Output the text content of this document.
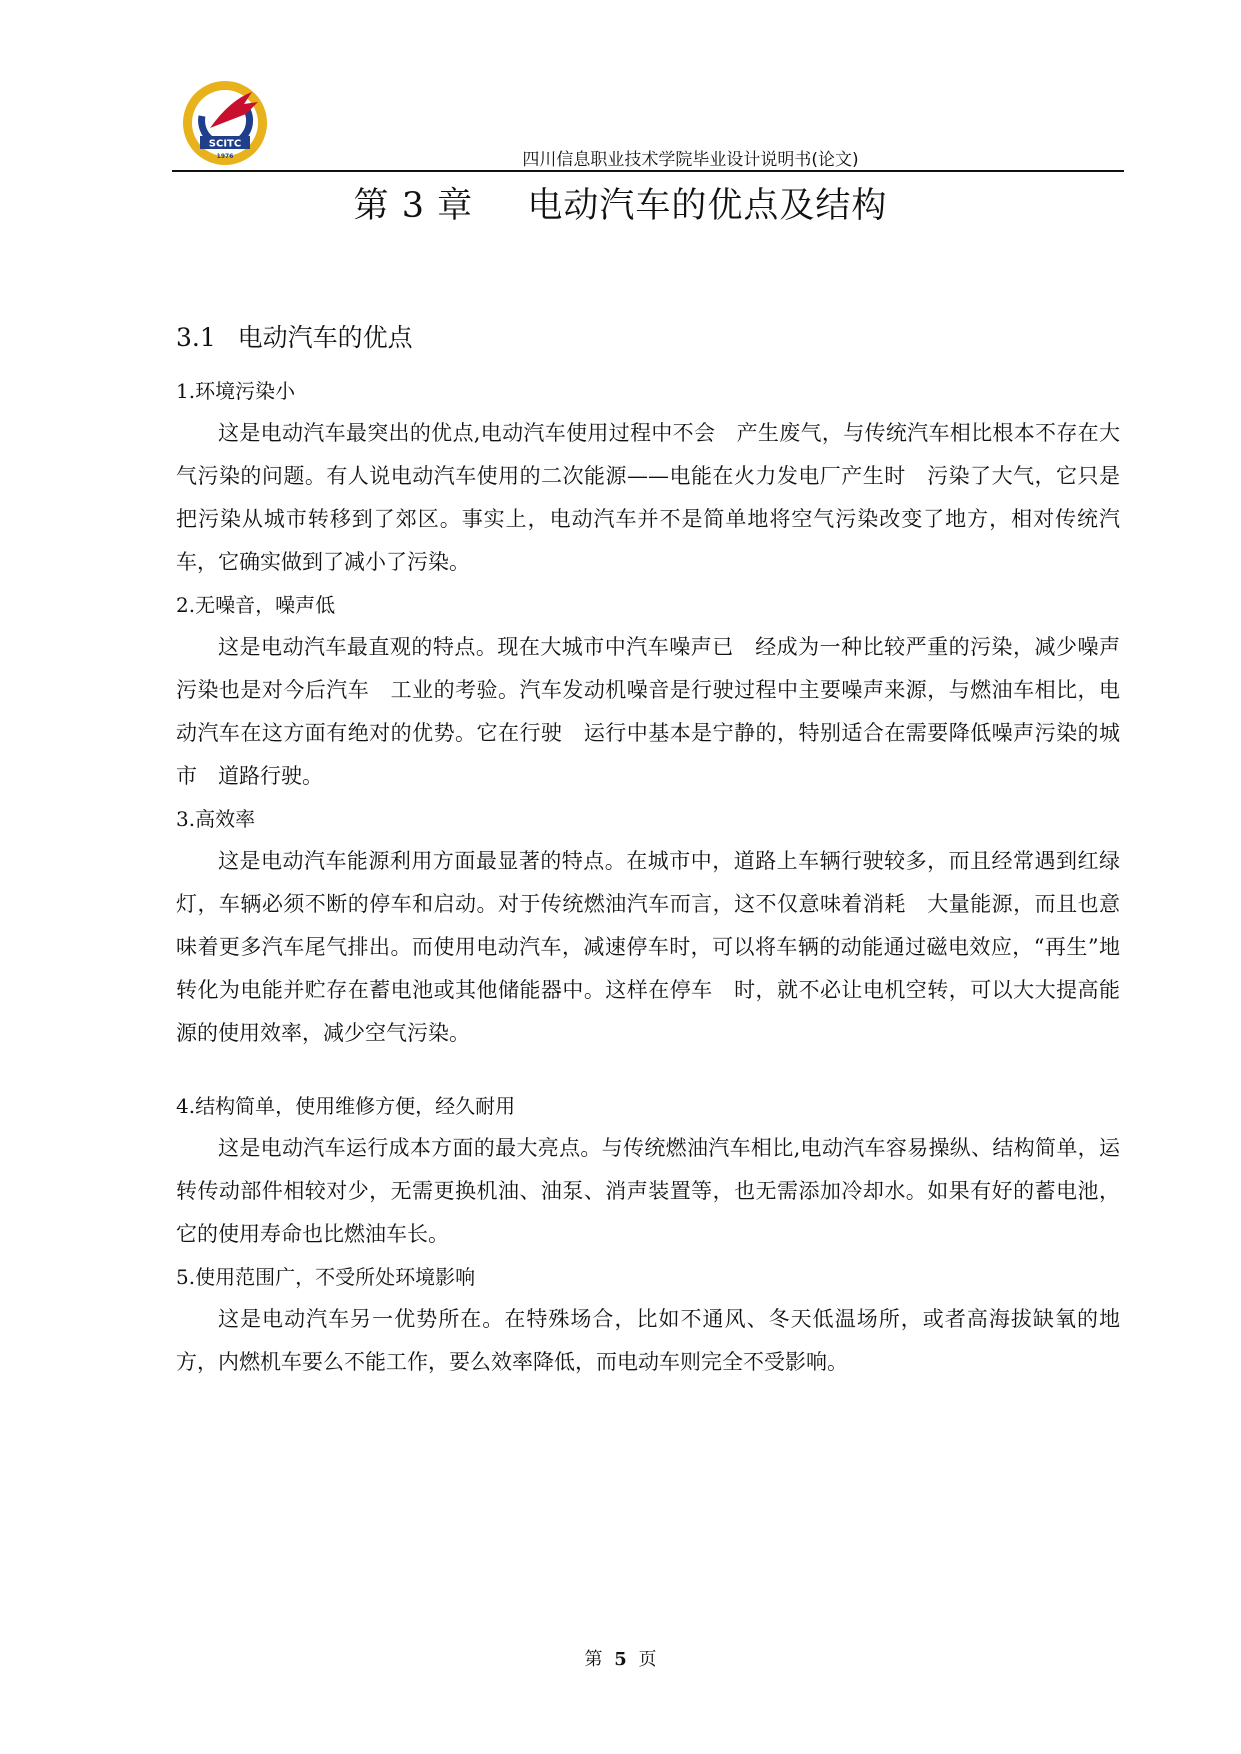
SCITC
1976	四川信息职业技术学院毕业设计说明书(论文)
第 3 章 电动汽车的优点及结构
3.1 电动汽车的优点
1.环境污染小

这是电动汽车最突出的优点,电动汽车使用过程中不会　产生废气，与传统汽车相比根本不存在大气污染的问题。有人说电动汽车使用的二次能源——电能在火力发电厂产生时　污染了大气，它只是把污染从城市转移到了郊区。事实上，电动汽车并不是简单地将空气污染改变了地方，相对传统汽车，它确实做到了减小了污染。

2.无噪音，噪声低

这是电动汽车最直观的特点。现在大城市中汽车噪声已　经成为一种比较严重的污染，减少噪声污染也是对今后汽车　工业的考验。汽车发动机噪音是行驶过程中主要噪声来源，与燃油车相比，电动汽车在这方面有绝对的优势。它在行驶　运行中基本是宁静的，特别适合在需要降低噪声污染的城市　道路行驶。

3.高效率

这是电动汽车能源利用方面最显著的特点。在城市中，道路上车辆行驶较多，而且经常遇到红绿灯，车辆必须不断的停车和启动。对于传统燃油汽车而言，这不仅意味着消耗　大量能源，而且也意味着更多汽车尾气排出。而使用电动汽车，减速停车时，可以将车辆的动能通过磁电效应，“再生”地转化为电能并贮存在蓄电池或其他储能器中。这样在停车　时，就不必让电机空转，可以大大提高能源的使用效率，减少空气污染。

4.结构简单，使用维修方便，经久耐用

这是电动汽车运行成本方面的最大亮点。与传统燃油汽车相比,电动汽车容易操纵、结构简单，运转传动部件相较对少，无需更换机油、油泵、消声装置等，也无需添加冷却水。如果有好的蓄电池，它的使用寿命也比燃油车长。

5.使用范围广，不受所处环境影响

这是电动汽车另一优势所在。在特殊场合，比如不通风、冬天低温场所，或者高海拔缺氧的地方，内燃机车要么不能工作，要么效率降低，而电动车则完全不受影响。

第 5 页
